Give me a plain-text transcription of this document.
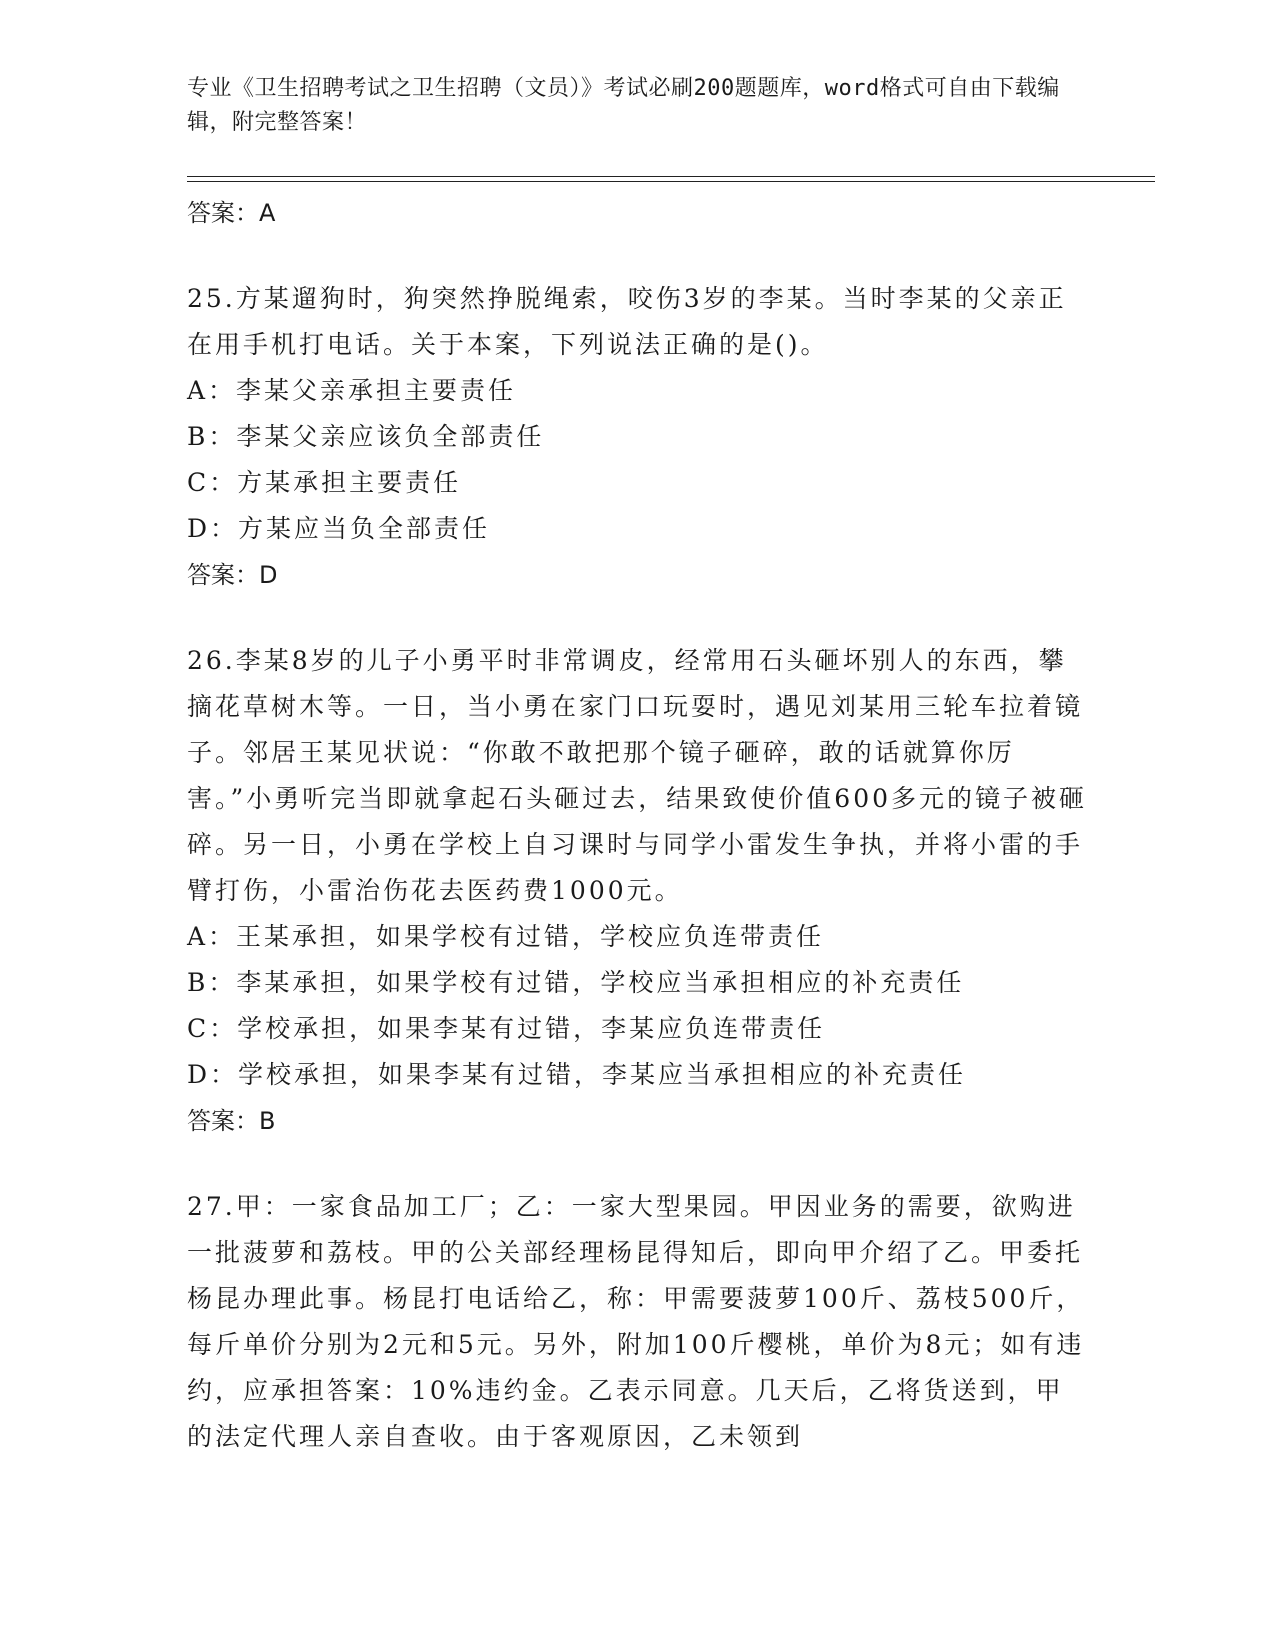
专业《卫生招聘考试之卫生招聘（文员）》考试必刷200题题库，word格式可自由下载编辑，附完整答案！
答案：A
25.方某遛狗时，狗突然挣脱绳索，咬伤3岁的李某。当时李某的父亲正在用手机打电话。关于本案，下列说法正确的是()。
A：李某父亲承担主要责任
B：李某父亲应该负全部责任
C：方某承担主要责任
D：方某应当负全部责任
答案：D
26.李某8岁的儿子小勇平时非常调皮，经常用石头砸坏别人的东西，攀摘花草树木等。一日，当小勇在家门口玩耍时，遇见刘某用三轮车拉着镜子。邻居王某见状说：“你敢不敢把那个镜子砸碎，敢的话就算你厉害。”小勇听完当即就拿起石头砸过去，结果致使价值600多元的镜子被砸碎。另一日，小勇在学校上自习课时与同学小雷发生争执，并将小雷的手臂打伤，小雷治伤花去医药费1000元。
A：王某承担，如果学校有过错，学校应负连带责任
B：李某承担，如果学校有过错，学校应当承担相应的补充责任
C：学校承担，如果李某有过错，李某应负连带责任
D：学校承担，如果李某有过错，李某应当承担相应的补充责任
答案：B
27.甲：一家食品加工厂；乙：一家大型果园。甲因业务的需要，欲购进一批菠萝和荔枝。甲的公关部经理杨昆得知后，即向甲介绍了乙。甲委托杨昆办理此事。杨昆打电话给乙，称：甲需要菠萝100斤、荔枝500斤，每斤单价分别为2元和5元。另外，附加100斤樱桃，单价为8元；如有违约，应承担答案：10%违约金。乙表示同意。几天后，乙将货送到，甲的法定代理人亲自查收。由于客观原因，乙未领到
